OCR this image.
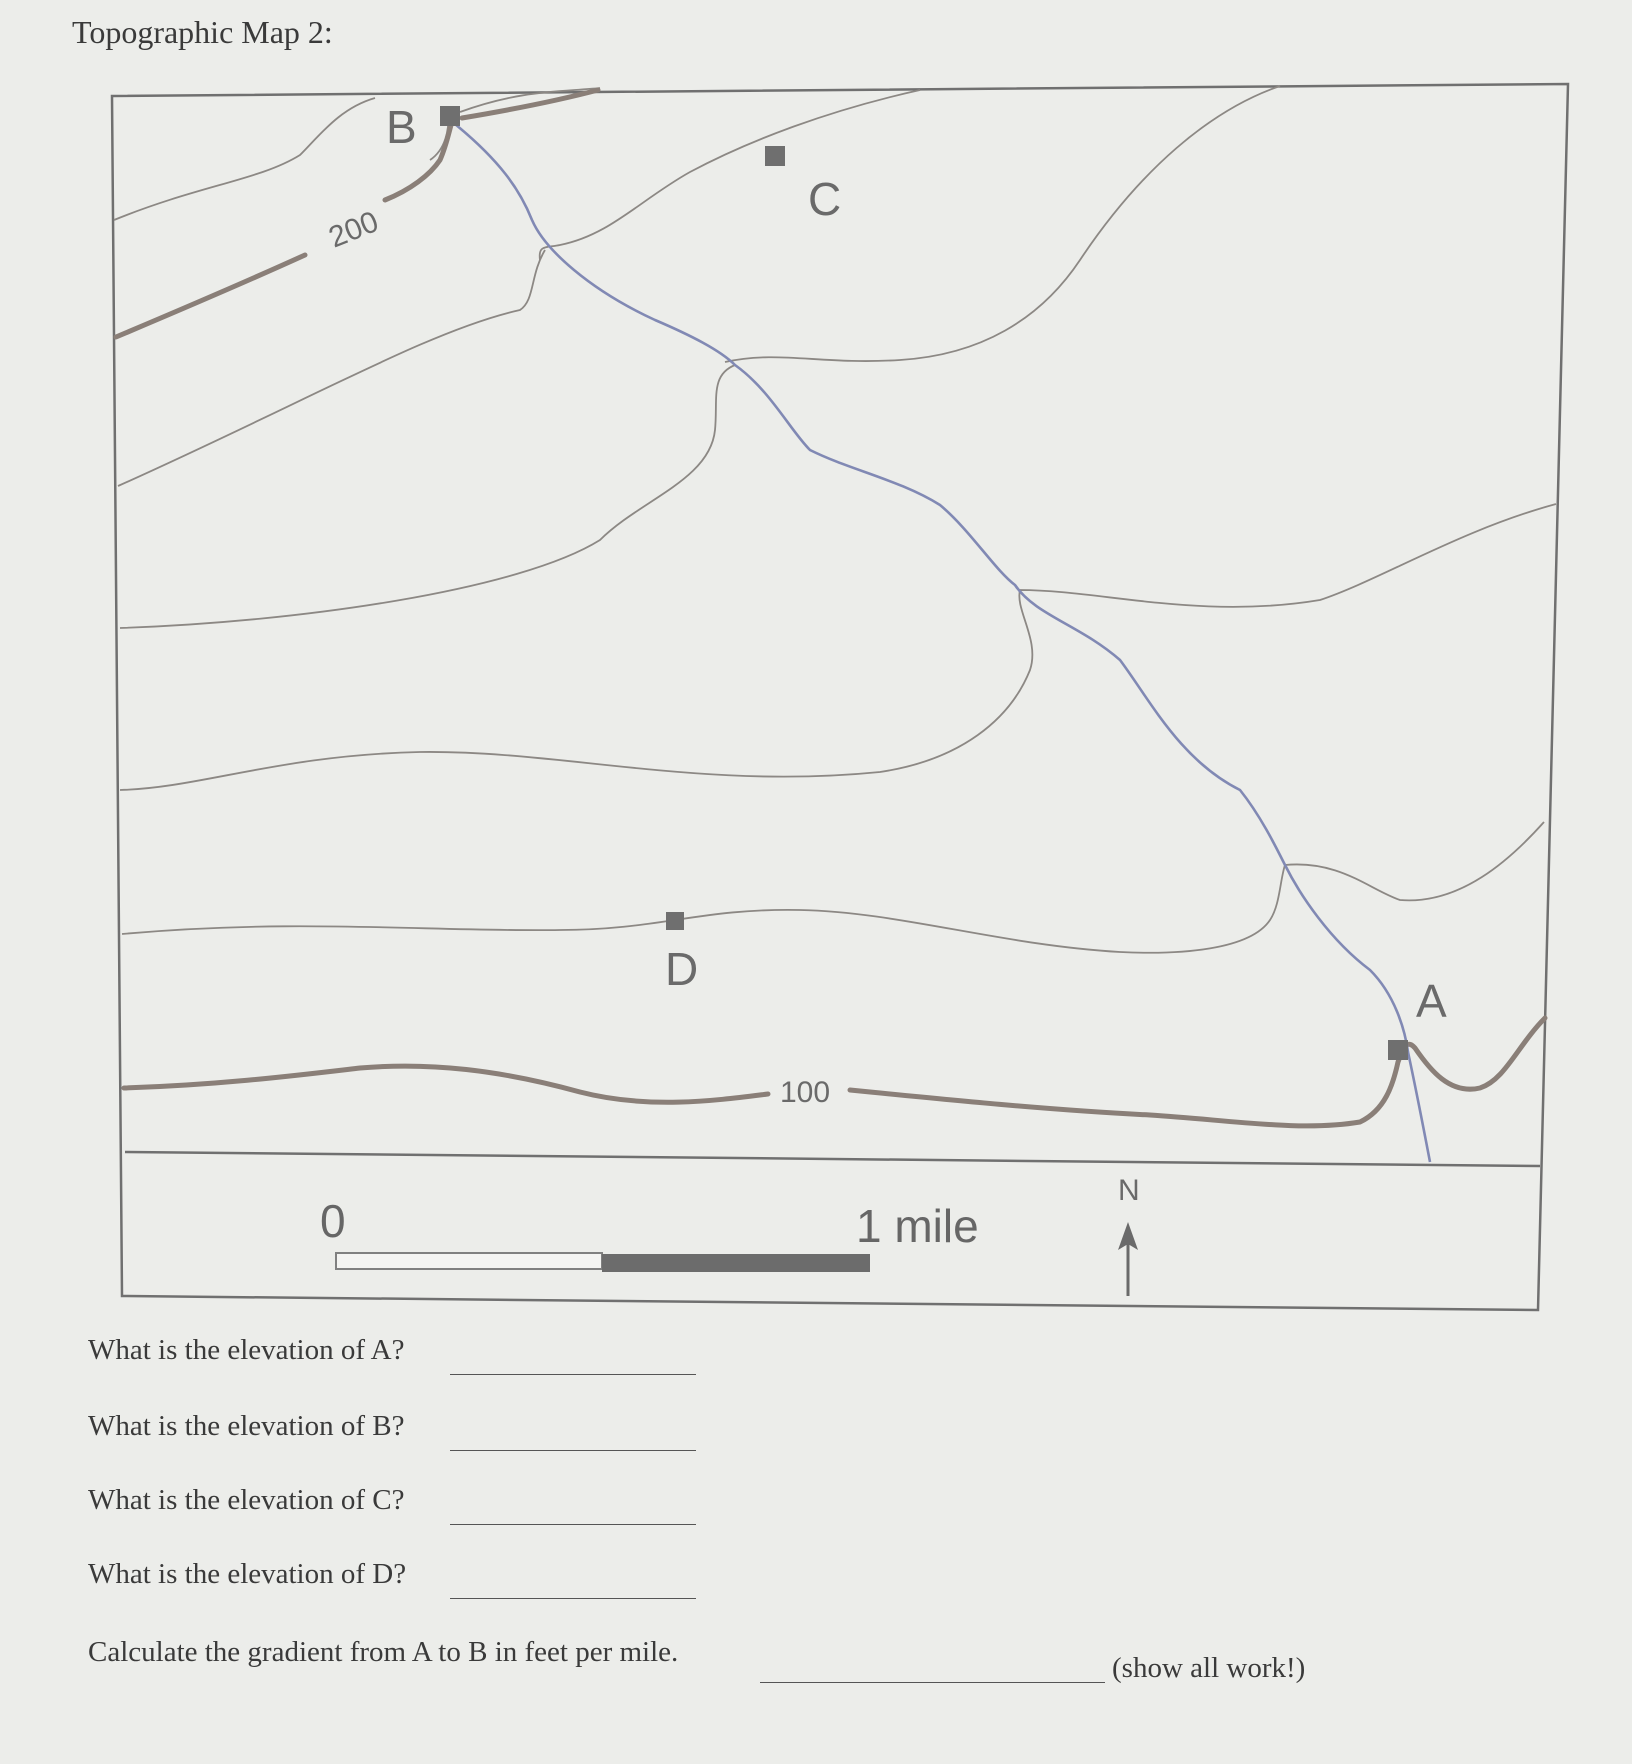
Topographic Map 2:
B
C
D
A
200
100
0	1 mile
N
What is the elevation of A?
What is the elevation of B?
What is the elevation of C?
What is the elevation of D?
Calculate the gradient from A to B in feet per mile.	(show all work!)
